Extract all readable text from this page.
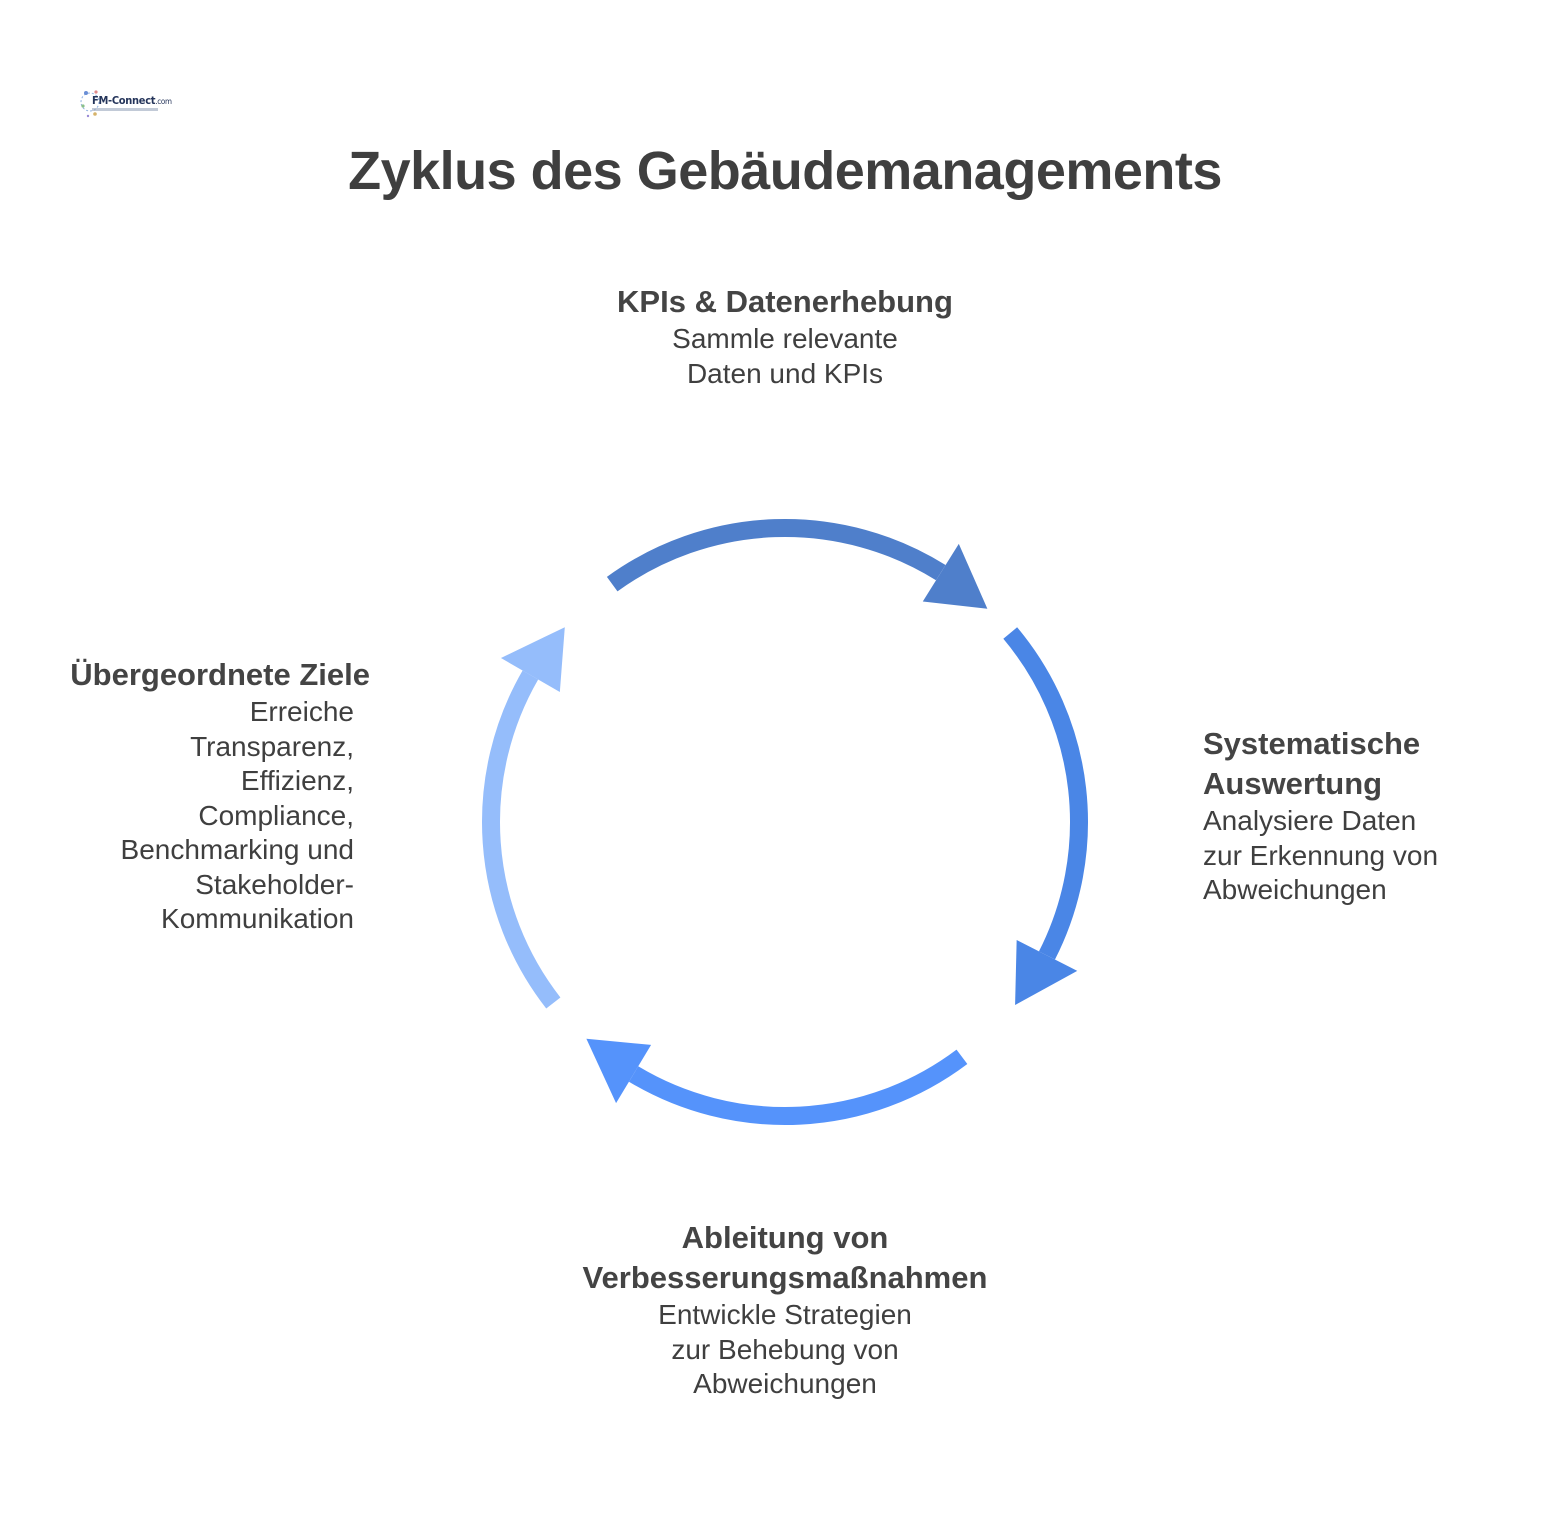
FM-Connect.com
Zyklus des Gebäudemanagements
KPIs & Datenerhebung
Sammle relevante
Daten und KPIs
Systematische Auswertung
Analysiere Daten
zur Erkennung von
Abweichungen
Ableitung von Verbesserungsmaßnahmen
Entwickle Strategien
zur Behebung von
Abweichungen
Übergeordnete Ziele
Erreiche
Transparenz,
Effizienz,
Compliance,
Benchmarking und
Stakeholder-
Kommunikation
